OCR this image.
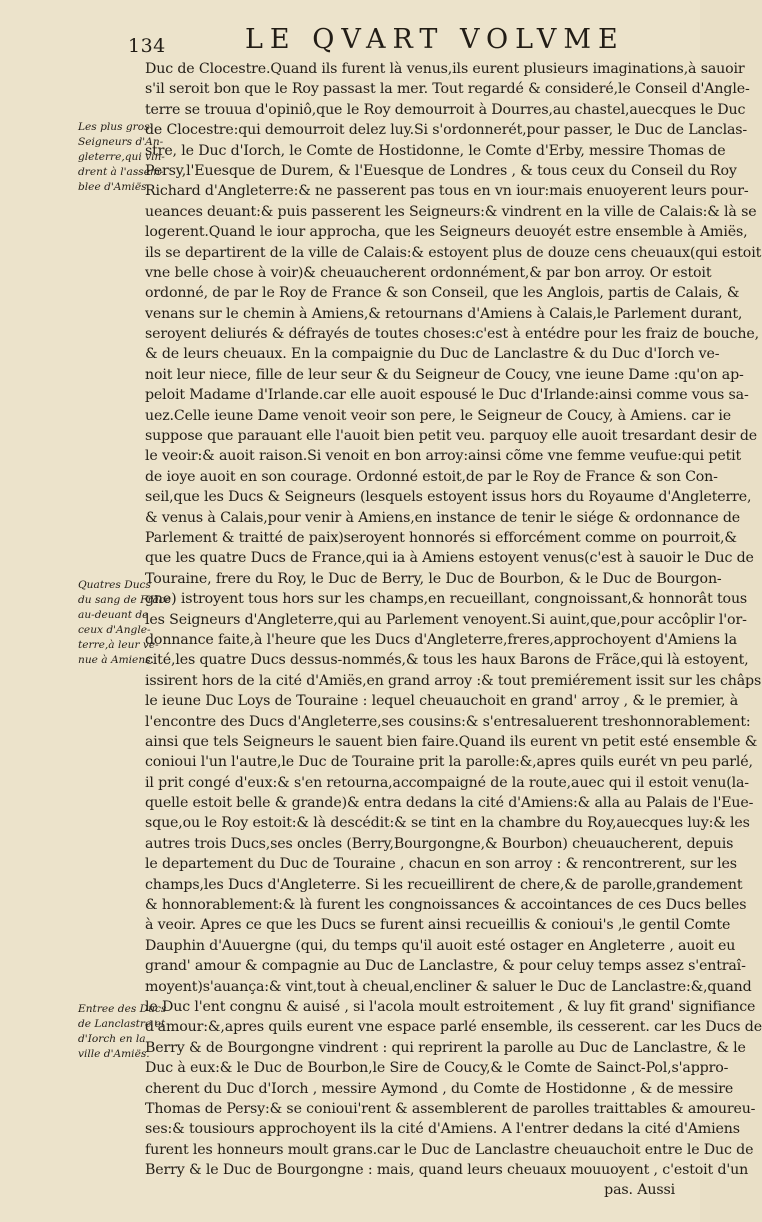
134	LE QVART VOLVME
Duc de Clocestre.Quand ils furent là venus,ils eurent plusieurs imaginations,à sauoir
s'il seroit bon que le Roy passast la mer. Tout regardé & consideré,le Conseil d'Angle-
terre se trouua d'opiniô,que le Roy demourroit à Dourres,au chastel,auecques le Duc
de Clocestre:qui demourroit delez luy.Si s'ordonnerét,pour passer, le Duc de Lanclas-
stre, le Duc d'Iorch, le Comte de Hostidonne, le Comte d'Erby, messire Thomas de
Persy,l'Euesque de Durem, & l'Euesque de Londres , & tous ceux du Conseil du Roy
Richard d'Angleterre:& ne passerent pas tous en vn iour:mais enuoyerent leurs pour-
ueances deuant:& puis passerent les Seigneurs:& vindrent en la ville de Calais:& là se
logerent.Quand le iour approcha, que les Seigneurs deuoyét estre ensemble à Amiës,
ils se departirent de la ville de Calais:& estoyent plus de douze cens cheuaux(qui estoit
vne belle chose à voir)& cheuaucherent ordonnément,& par bon arroy. Or estoit
ordonné, de par le Roy de France & son Conseil, que les Anglois, partis de Calais, &
venans sur le chemin à Amiens,& retournans d'Amiens à Calais,le Parlement durant,
seroyent deliurés & défrayés de toutes choses:c'est à entédre pour les fraiz de bouche,
& de leurs cheuaux. En la compaignie du Duc de Lanclastre & du Duc d'Iorch ve-
noit leur niece, fille de leur seur & du Seigneur de Coucy, vne ieune Dame :qu'on ap-
peloit Madame d'Irlande.car elle auoit espousé le Duc d'Irlande:ainsi comme vous sa-
uez.Celle ieune Dame venoit veoir son pere, le Seigneur de Coucy, à Amiens. car ie
suppose que parauant elle l'auoit bien petit veu. parquoy elle auoit tresardant desir de
le veoir:& auoit raison.Si venoit en bon arroy:ainsi cõme vne femme veufue:qui petit
de ioye auoit en son courage. Ordonné estoit,de par le Roy de France & son Con-
seil,que les Ducs & Seigneurs (lesquels estoyent issus hors du Royaume d'Angleterre,
& venus à Calais,pour venir à Amiens,en instance de tenir le siége & ordonnance de
Parlement & traitté de paix)seroyent honnorés si efforcément comme on pourroit,&
que les quatre Ducs de France,qui ia à Amiens estoyent venus(c'est à sauoir le Duc de
Touraine, frere du Roy, le Duc de Berry, le Duc de Bourbon, & le Duc de Bourgon-
gne) istroyent tous hors sur les champs,en recueillant, congnoissant,& honnorât tous
les Seigneurs d'Angleterre,qui au Parlement venoyent.Si auint,que,pour accôplir l'or-
donnance faite,à l'heure que les Ducs d'Angleterre,freres,approchoyent d'Amiens la
cité,les quatre Ducs dessus-nommés,& tous les haux Barons de Frãce,qui là estoyent,
issirent hors de la cité d'Amiës,en grand arroy :& tout premiérement issit sur les châps
le ieune Duc Loys de Touraine : lequel cheuauchoit en grand' arroy , & le premier, à
l'encontre des Ducs d'Angleterre,ses cousins:& s'entresaluerent treshonnorablement:
ainsi que tels Seigneurs le sauent bien faire.Quand ils eurent vn petit esté ensemble &
conioui l'un l'autre,le Duc de Touraine prit la parolle:&,apres quils eurét vn peu parlé,
il prit congé d'eux:& s'en retourna,accompaigné de la route,auec qui il estoit venu(la-
quelle estoit belle & grande)& entra dedans la cité d'Amiens:& alla au Palais de l'Eue-
sque,ou le Roy estoit:& là descédit:& se tint en la chambre du Roy,auecques luy:& les
autres trois Ducs,ses oncles (Berry,Bourgongne,& Bourbon) cheuaucherent, depuis
le departement du Duc de Touraine , chacun en son arroy : & rencontrerent, sur les
champs,les Ducs d'Angleterre. Si les recueillirent de chere,& de parolle,grandement
& honnorablement:& là furent les congnoissances & accointances de ces Ducs belles
à veoir. Apres ce que les Ducs se furent ainsi recueillis & conioui's ,le gentil Comte
Dauphin d'Auuergne (qui, du temps qu'il auoit esté ostager en Angleterre , auoit eu
grand' amour & compagnie au Duc de Lanclastre, & pour celuy temps assez s'entraî-
moyent)s'auança:& vint,tout à cheual,encliner & saluer le Duc de Lanclastre:&,quand
le Duc l'ent congnu & auisé , si l'acola moult estroitement , & luy fit grand' signifiance
d'amour:&,apres quils eurent vne espace parlé ensemble, ils cesserent. car les Ducs de
Berry & de Bourgongne vindrent : qui reprirent la parolle au Duc de Lanclastre, & le
Duc à eux:& le Duc de Bourbon,le Sire de Coucy,& le Comte de Sainct-Pol,s'appro-
cherent du Duc d'Iorch , messire Aymond , du Comte de Hostidonne , & de messire
Thomas de Persy:& se conioui'rent & assemblerent de parolles traittables & amoureu-
ses:& tousiours approchoyent ils la cité d'Amiens. A l'entrer dedans la cité d'Amiens
furent les honneurs moult grans.car le Duc de Lanclastre cheuauchoit entre le Duc de
Berry & le Duc de Bourgongne : mais, quand leurs cheuaux mouuoyent , c'estoit d'un
pas. Aussi
Les plus gros
Seigneurs d'An-
gleterre,qui vin-
drent à l'assem-
blee d'Amiës.
Quatres Ducs
du sang de Frãce
au-deuant de
ceux d'Angle-
terre,à leur ve-
nue à Amiens.
Entree des Ducs
de Lanclastre et
d'Iorch en la
ville d'Amiës.
